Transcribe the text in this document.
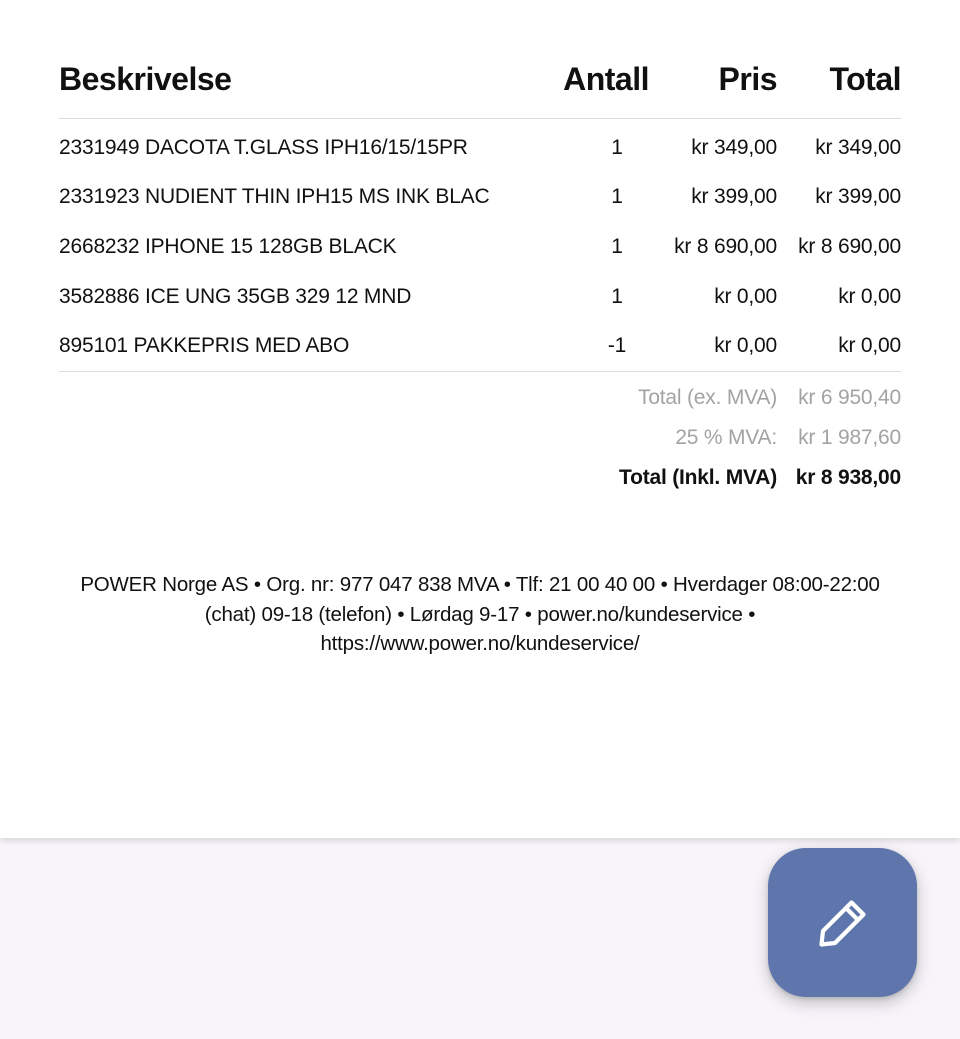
Beskrivelse	Antall	Pris	Total
2331949 DACOTA T.GLASS IPH16/15/15PR	1	kr 349,00	kr 349,00
2331923 NUDIENT THIN IPH15 MS INK BLAC	1	kr 399,00	kr 399,00
2668232 IPHONE 15 128GB BLACK	1	kr 8 690,00	kr 8 690,00
3582886 ICE UNG 35GB 329 12 MND	1	kr 0,00	kr 0,00
895101 PAKKEPRIS MED ABO	-1	kr 0,00	kr 0,00
Total (ex. MVA)	kr 6 950,40
25 % MVA:	kr 1 987,60
Total (Inkl. MVA) kr 8 938,00
POWER Norge AS • Org. nr: 977 047 838 MVA • Tlf: 21 00 40 00 • Hverdager 08:00-22:00
(chat) 09-18 (telefon) • Lørdag 9-17 • power.no/kundeservice •
https://www.power.no/kundeservice/
